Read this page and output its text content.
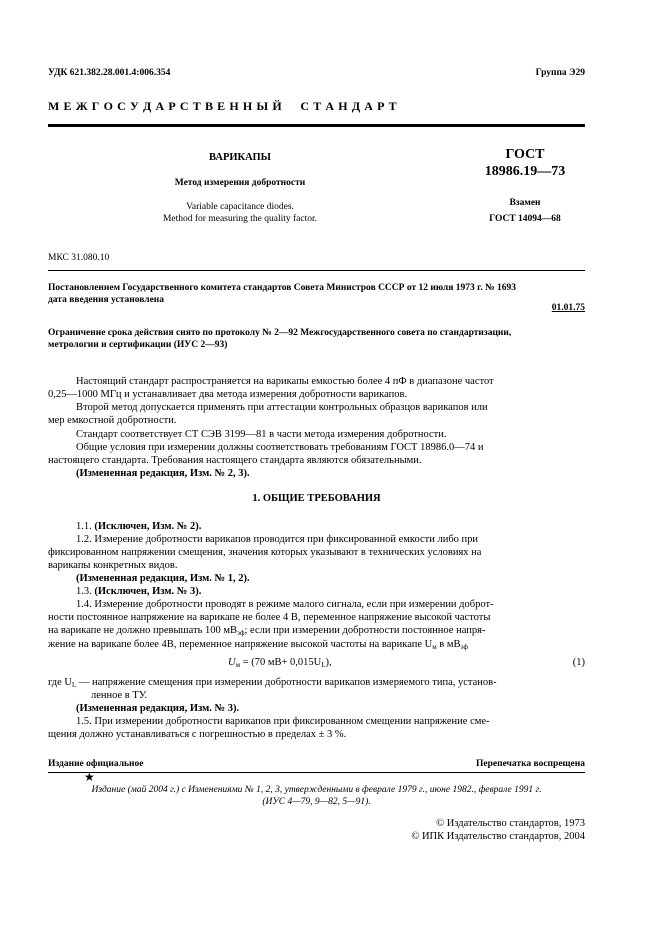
УДК 621.382.28.001.4:006.354	Группа Э29
М Е Ж Г О С У Д А Р С Т В Е Н Н Ы Й     С Т А Н Д А Р Т
ВАРИКАПЫ
Метод измерения добротности
Variable capacitance diodes.
Method for measuring the quality factor.
ГОСТ
18986.19—73
Взамен
ГОСТ 14094—68
МКС 31.080.10
Постановлением Государственного комитета стандартов Совета Министров СССР от 12 июля 1973 г. № 1693
дата введения установлена
01.01.75
Ограничение срока действия снято по протоколу № 2—92 Межгосударственного совета по стандартизации,
метрологии и сертификации (ИУС 2—93)
Настоящий стандарт распространяется на варикапы емкостью более 4 пФ в диапазоне частот
0,25—1000 МГц и устанавливает два метода измерения добротности варикапов.
Второй метод допускается применять при аттестации контрольных образцов варикапов или
мер емкостной добротности.
Стандарт соответствует СТ СЭВ 3199—81 в части метода измерения добротности.
Общие условия при измерении должны соответствовать требованиям ГОСТ 18986.0—74 и
настоящего стандарта. Требования настоящего стандарта являются обязательными.
(Измененная редакция, Изм. № 2, 3).
1. ОБЩИЕ ТРЕБОВАНИЯ
1.1. (Исключен, Изм. № 2).
1.2. Измерение добротности варикапов проводится при фиксированной емкости либо при
фиксированном напряжении смещения, значения которых указывают в технических условиях на
варикапы конкретных видов.
(Измененная редакция, Изм. № 1, 2).
1.3. (Исключен, Изм. № 3).
1.4. Измерение добротности проводят в режиме малого сигнала, если при измерении доброт-
ности постоянное напряжение на варикапе не более 4 В, переменное напряжение высокой частоты
на варикапе не должно превышать 100 $мВ_{эф}$; если при измерении добротности постоянное напря-
жение на варикапе более 4В, переменное напряжение высокой частоты на варикапе $U_м$ в $мВ_{эф}$
$U_м = (70$ $мВ+ 0,015U_L$),	(1)
где $U_L$ — напряжение смещения при измерении добротности варикапов измеряемого типа, установ-
ленное в ТУ.
(Измененная редакция, Изм. № 3).
1.5. При измерении добротности варикапов при фиксированном смещении напряжение сме-
щения должно устанавливаться с погрешностью в пределах ± 3 %.
Издание официальное	Перепечатка воспрещена
★
Издание (май 2004 г.) с Изменениями № 1, 2, 3, утвержденными в феврале 1979 г., июне 1982., феврале 1991 г.
(ИУС 4—79, 9—82, 5—91).
© Издательство стандартов, 1973
© ИПК Издательство стандартов, 2004
